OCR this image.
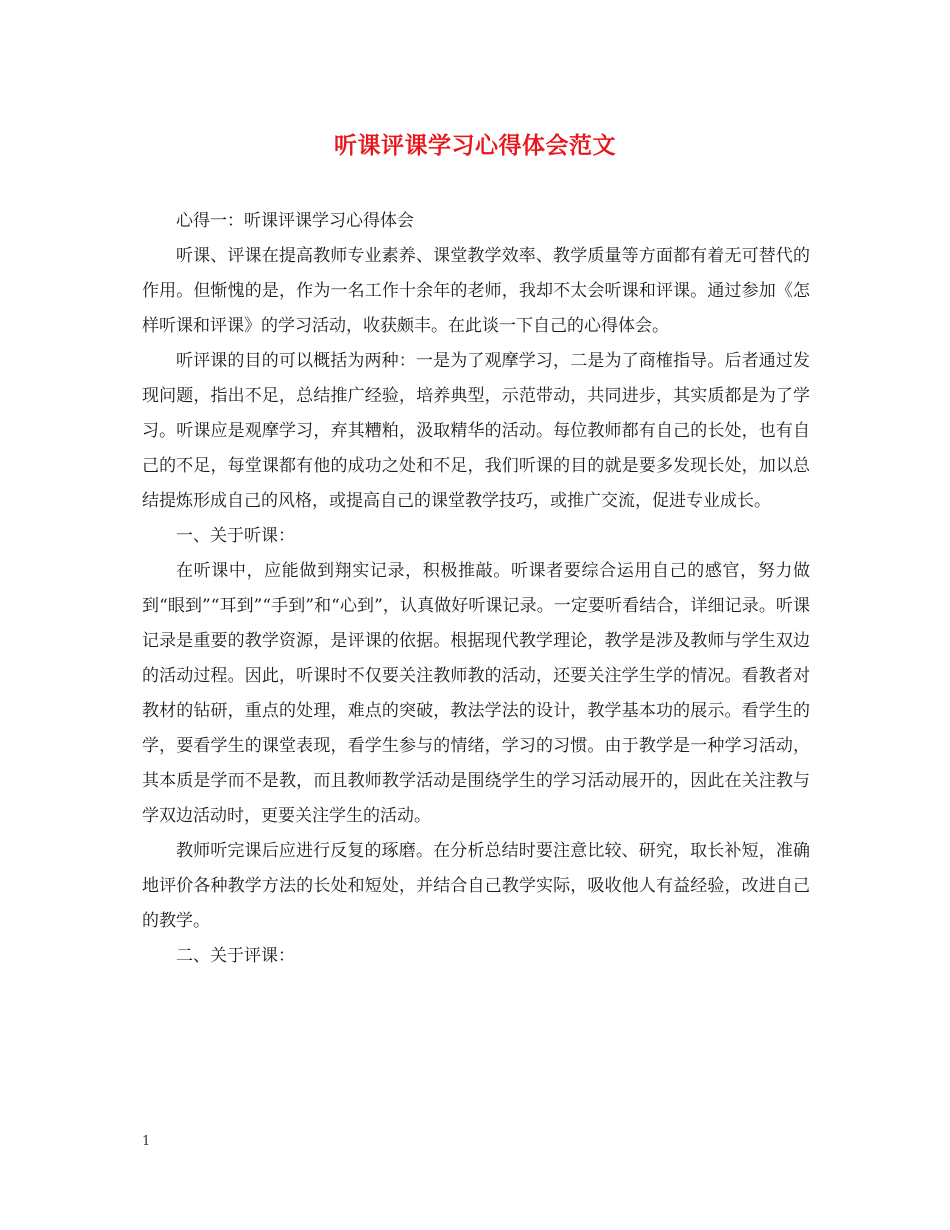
听课评课学习心得体会范文

心得一：听课评课学习心得体会

听课、评课在提高教师专业素养、课堂教学效率、教学质量等方面都有着无可替代的作用。但惭愧的是，作为一名工作十余年的老师，我却不太会听课和评课。通过参加《怎样听课和评课》的学习活动，收获颇丰。在此谈一下自己的心得体会。

听评课的目的可以概括为两种：一是为了观摩学习，二是为了商榷指导。后者通过发现问题，指出不足，总结推广经验，培养典型，示范带动，共同进步，其实质都是为了学习。听课应是观摩学习，弃其糟粕，汲取精华的活动。每位教师都有自己的长处，也有自己的不足，每堂课都有他的成功之处和不足，我们听课的目的就是要多发现长处，加以总结提炼形成自己的风格，或提高自己的课堂教学技巧，或推广交流，促进专业成长。

一、关于听课：

在听课中，应能做到翔实记录，积极推敲。听课者要综合运用自己的感官，努力做到“眼到”“耳到”“手到”和“心到”，认真做好听课记录。一定要听看结合，详细记录。听课记录是重要的教学资源，是评课的依据。根据现代教学理论，教学是涉及教师与学生双边的活动过程。因此，听课时不仅要关注教师教的活动，还要关注学生学的情况。看教者对教材的钻研，重点的处理，难点的突破，教法学法的设计，教学基本功的展示。看学生的学，要看学生的课堂表现，看学生参与的情绪，学习的习惯。由于教学是一种学习活动，其本质是学而不是教，而且教师教学活动是围绕学生的学习活动展开的，因此在关注教与学双边活动时，更要关注学生的活动。

教师听完课后应进行反复的琢磨。在分析总结时要注意比较、研究，取长补短，准确地评价各种教学方法的长处和短处，并结合自己教学实际，吸收他人有益经验，改进自己的教学。

二、关于评课：

1
